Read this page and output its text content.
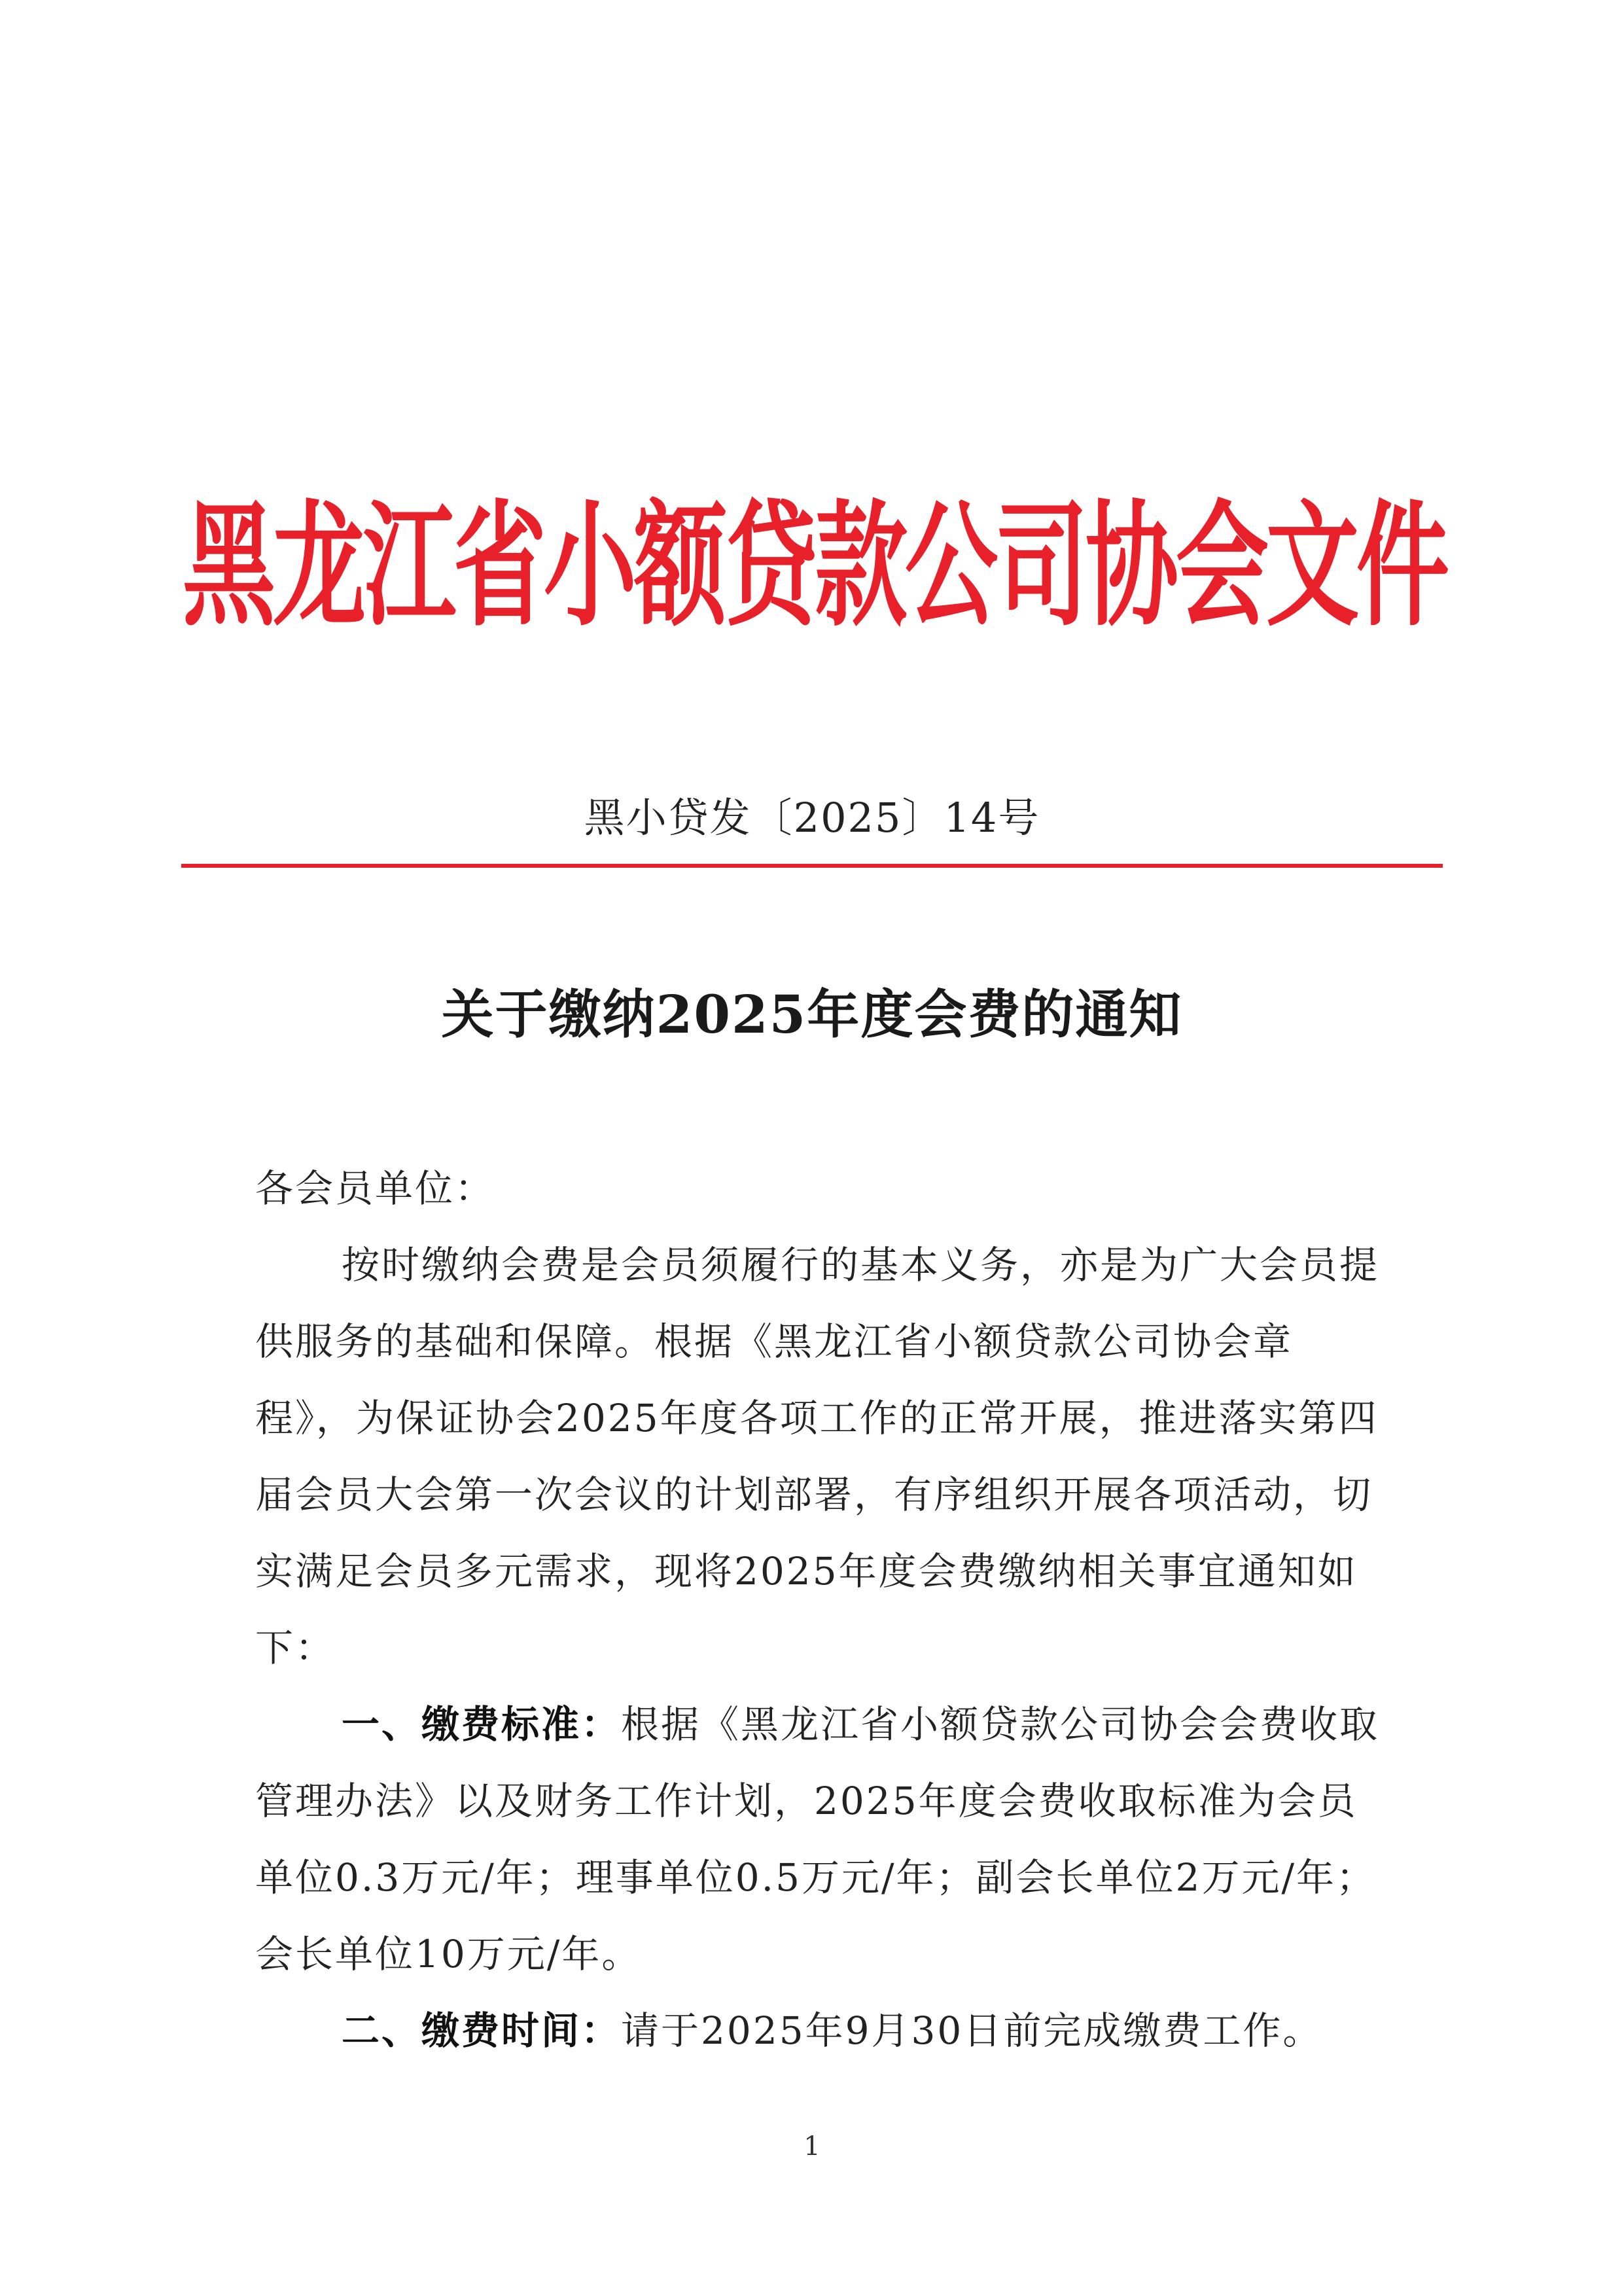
黑龙江省小额贷款公司协会文件
黑小贷发〔2025〕14号
关于缴纳2025年度会费的通知

各会员单位：

按时缴纳会费是会员须履行的基本义务，亦是为广大会员提供服务的基础和保障。根据《黑龙江省小额贷款公司协会章程》，为保证协会2025年度各项工作的正常开展，推进落实第四届会员大会第一次会议的计划部署，有序组织开展各项活动，切实满足会员多元需求，现将2025年度会费缴纳相关事宜通知如下：

一、缴费标准：根据《黑龙江省小额贷款公司协会会费收取管理办法》以及财务工作计划，2025年度会费收取标准为会员单位0.3万元/年；理事单位0.5万元/年；副会长单位2万元/年；会长单位10万元/年。

二、缴费时间：请于2025年9月30日前完成缴费工作。

1
